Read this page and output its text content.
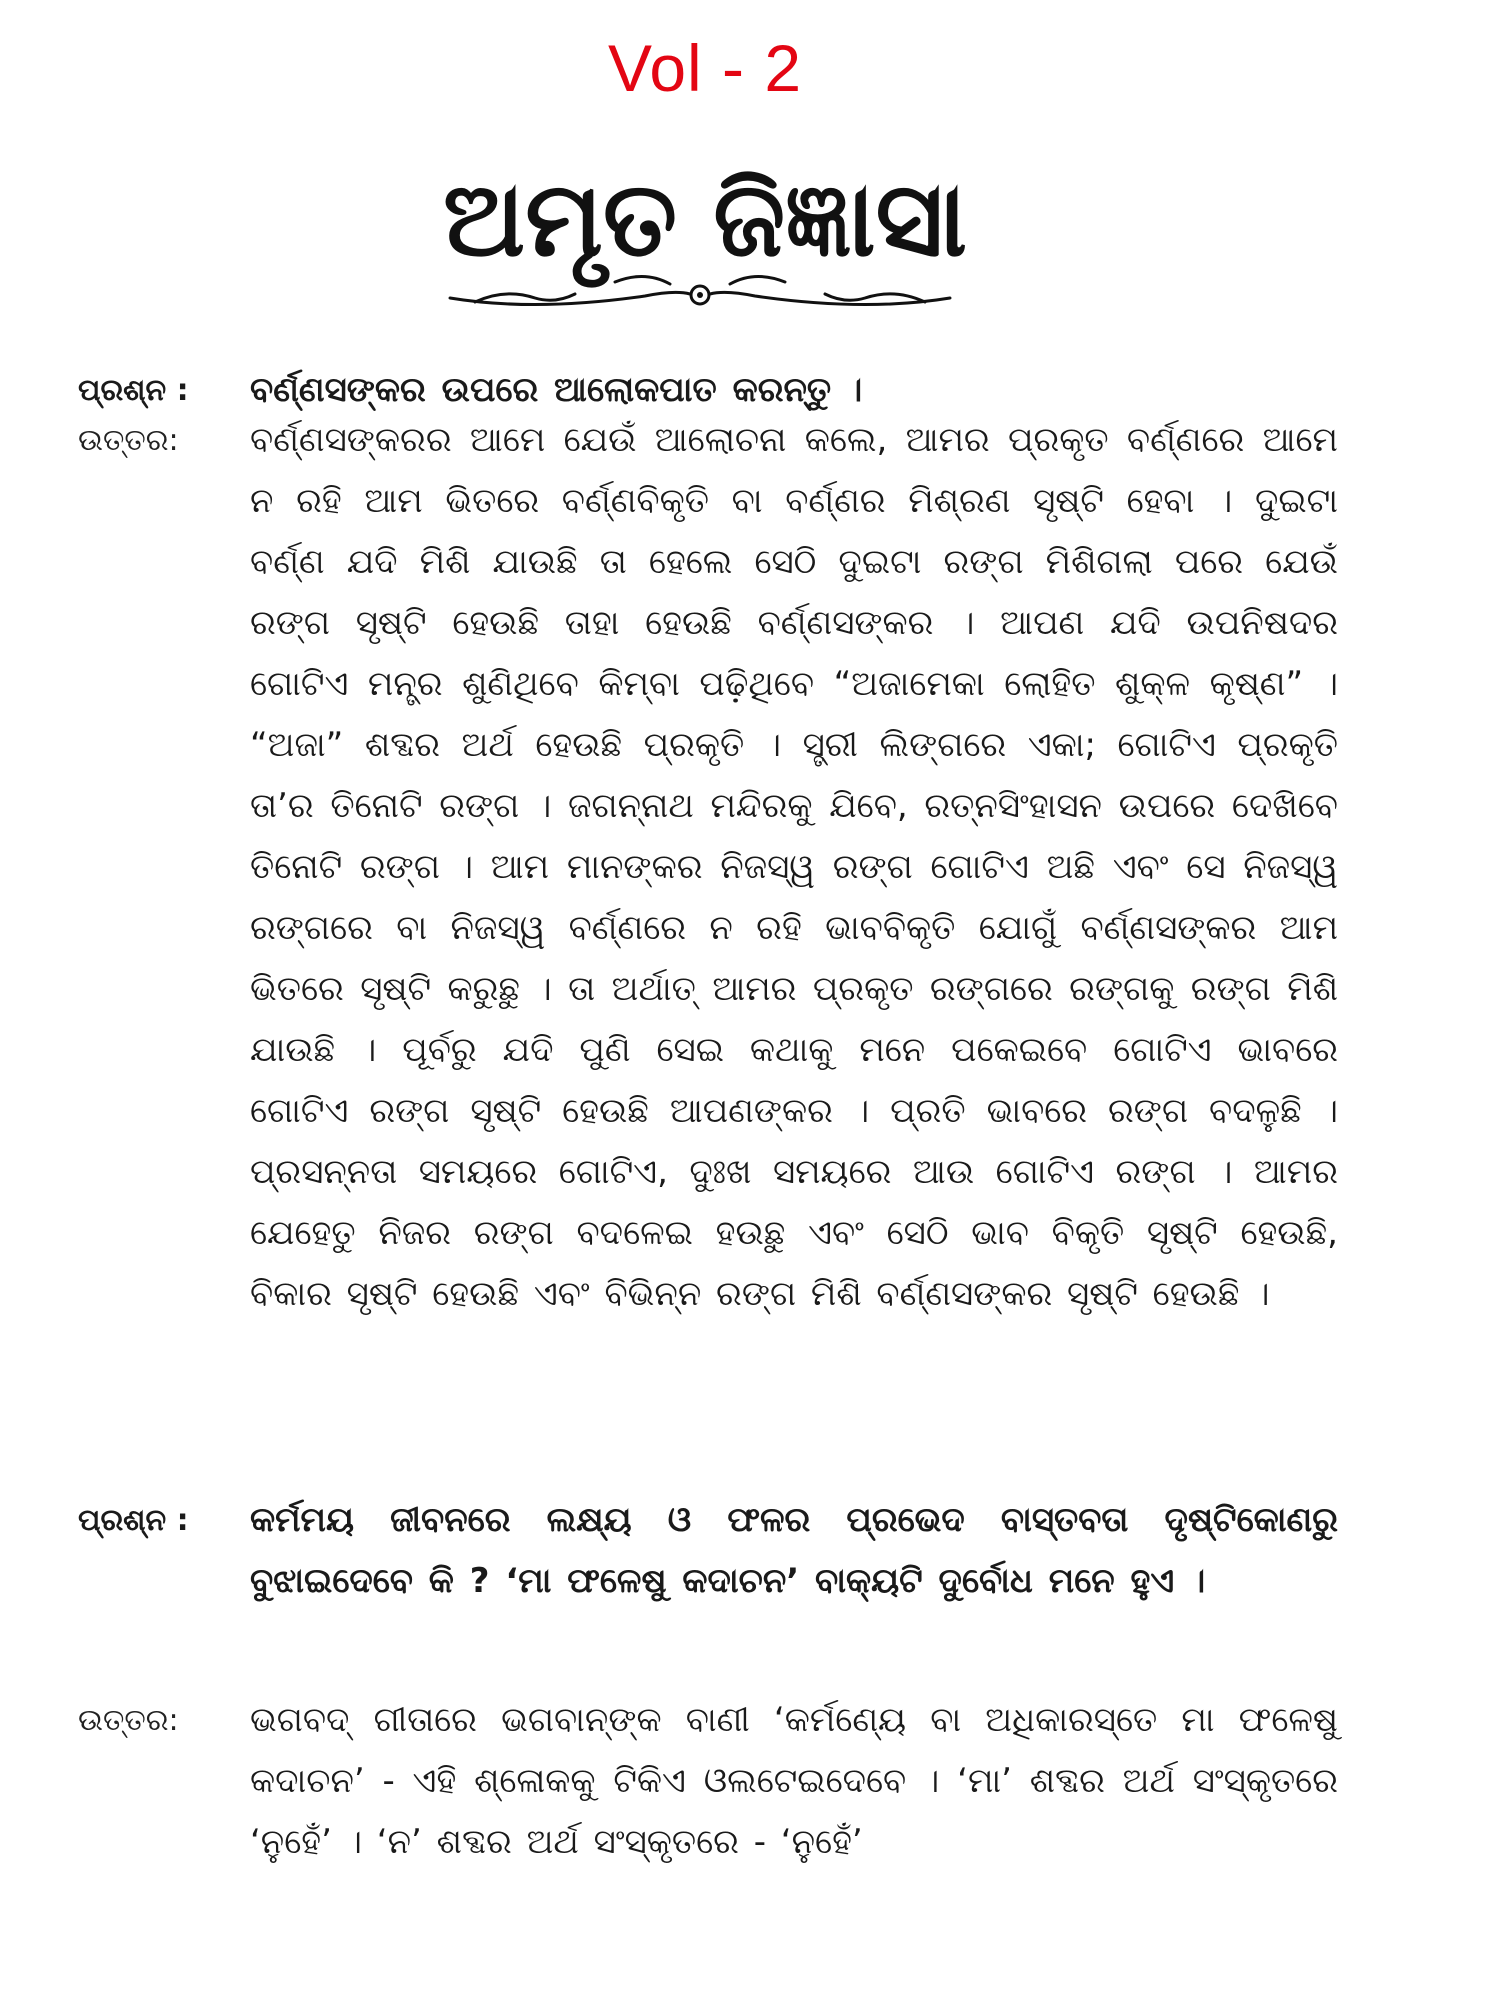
Vol - 2
ଅମୃତ ଜିଜ୍ଞାସା
ପ୍ରଶ୍ନ :	ବର୍ଣ୍ଣସଙ୍କର ଉପରେ ଆଲୋକପାତ କରନ୍ତୁ ।
ଉତ୍ତର:	ବର୍ଣ୍ଣସଙ୍କରର ଆମେ ଯେଉଁ ଆଲୋଚନା କଲେ, ଆମର ପ୍ରକୃତ ବର୍ଣ୍ଣରେ ଆମେ ନ ରହି ଆମ ଭିତରେ ବର୍ଣ୍ଣବିକୃତି ବା ବର୍ଣ୍ଣର ମିଶ୍ରଣ ସୃଷ୍ଟି ହେବା । ଦୁଇଟା ବର୍ଣ୍ଣ ଯଦି ମିଶି ଯାଉଛି ତା ହେଲେ ସେଠି ଦୁଇଟା ରଙ୍ଗ ମିଶିଗଲା ପରେ ଯେଉଁ ରଙ୍ଗ ସୃଷ୍ଟି ହେଉଛି ତାହା ହେଉଛି ବର୍ଣ୍ଣସଙ୍କର । ଆପଣ ଯଦି ଉପନିଷଦର ଗୋଟିଏ ମନ୍ତ୍ର ଶୁଣିଥିବେ କିମ୍ବା ପଢ଼ିଥିବେ “ଅଜାମେକା ଲୋହିତ ଶୁକ୍ଳ କୃଷ୍ଣ” । “ଅଜା” ଶବ୍ଦର ଅର୍ଥ ହେଉଛି ପ୍ରକୃତି । ସ୍ତ୍ରୀ ଲିଙ୍ଗରେ ଏକା; ଗୋଟିଏ ପ୍ରକୃତି ତା’ର ତିନୋଟି ରଙ୍ଗ । ଜଗନ୍ନାଥ ମନ୍ଦିରକୁ ଯିବେ, ରତ୍ନସିଂହାସନ ଉପରେ ଦେଖିବେ ତିନୋଟି ରଙ୍ଗ । ଆମ ମାନଙ୍କର ନିଜସ୍ୱ ରଙ୍ଗ ଗୋଟିଏ ଅଛି ଏବଂ ସେ ନିଜସ୍ୱ ରଙ୍ଗରେ ବା ନିଜସ୍ୱ ବର୍ଣ୍ଣରେ ନ ରହି ଭାବବିକୃତି ଯୋଗୁଁ ବର୍ଣ୍ଣସଙ୍କର ଆମ ଭିତରେ ସୃଷ୍ଟି କରୁଛୁ । ତା ଅର୍ଥାତ୍ ଆମର ପ୍ରକୃତ ରଙ୍ଗରେ ରଙ୍ଗକୁ ରଙ୍ଗ ମିଶି ଯାଉଛି । ପୂର୍ବରୁ ଯଦି ପୁଣି ସେଇ କଥାକୁ ମନେ ପକେଇବେ ଗୋଟିଏ ଭାବରେ ଗୋଟିଏ ରଙ୍ଗ ସୃଷ୍ଟି ହେଉଛି ଆପଣଙ୍କର । ପ୍ରତି ଭାବରେ ରଙ୍ଗ ବଦଳୁଛି । ପ୍ରସନ୍ନତା ସମୟରେ ଗୋଟିଏ, ଦୁଃଖ ସମୟରେ ଆଉ ଗୋଟିଏ ରଙ୍ଗ । ଆମର ଯେହେତୁ ନିଜର ରଙ୍ଗ ବଦଳେଇ ହଉଛୁ ଏବଂ ସେଠି ଭାବ ବିକୃତି ସୃଷ୍ଟି ହେଉଛି, ବିକାର ସୃଷ୍ଟି ହେଉଛି ଏବଂ ବିଭିନ୍ନ ରଙ୍ଗ ମିଶି ବର୍ଣ୍ଣସଙ୍କର ସୃଷ୍ଟି ହେଉଛି ।
ପ୍ରଶ୍ନ :	କର୍ମମୟ ଜୀବନରେ ଲକ୍ଷ୍ୟ ଓ ଫଳର ପ୍ରଭେଦ ବାସ୍ତବତା ଦୃଷ୍ଟିକୋଣରୁ ବୁଝାଇଦେବେ କି ? ‘ମା ଫଳେଷୁ କଦାଚନ’ ବାକ୍ୟଟି ଦୁର୍ବୋଧ ମନେ ହୁଏ ।
ଉତ୍ତର:	ଭଗବଦ୍ ଗୀତାରେ ଭଗବାନ୍‌ଙ୍କ ବାଣୀ ‘କର୍ମଣ୍ୟେ ବା ଅଧିକାରସ୍ତେ ମା ଫଳେଷୁ କଦାଚନ’ - ଏହି ଶ୍ଳୋକକୁ ଟିକିଏ ଓଲଟେଇଦେବେ । ‘ମା’ ଶବ୍ଦର ଅର୍ଥ ସଂସ୍କୃତରେ ‘ନୁହେଁ’ । ‘ନ’ ଶବ୍ଦର ଅର୍ଥ ସଂସ୍କୃତରେ - ‘ନୁହେଁ’
